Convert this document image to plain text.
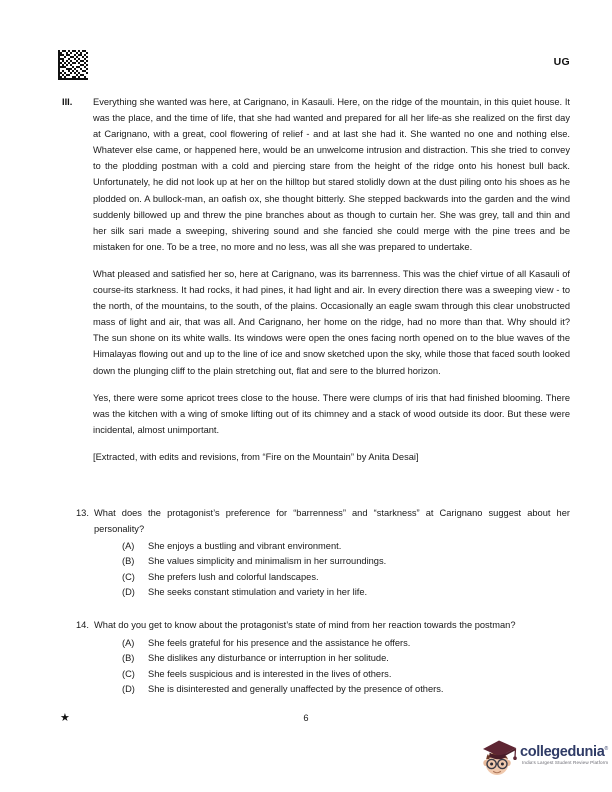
UG
III.	Everything she wanted was here, at Carignano, in Kasauli. Here, on the ridge of the mountain, in this quiet house. It was the place, and the time of life, that she had wanted and prepared for all her life-as she realized on the first day at Carignano, with a great, cool flowering of relief - and at last she had it. She wanted no one and nothing else. Whatever else came, or happened here, would be an unwelcome intrusion and distraction. This she tried to convey to the plodding postman with a cold and piercing stare from the height of the ridge onto his honest bull back. Unfortunately, he did not look up at her on the hilltop but stared stolidly down at the dust piling onto his shoes as he plodded on. A bullock-man, an oafish ox, she thought bitterly. She stepped backwards into the garden and the wind suddenly billowed up and threw the pine branches about as though to curtain her. She was grey, tall and thin and her silk sari made a sweeping, shivering sound and she fancied she could merge with the pine trees and be mistaken for one. To be a tree, no more and no less, was all she was prepared to undertake.

What pleased and satisfied her so, here at Carignano, was its barrenness. This was the chief virtue of all Kasauli of course-its starkness. It had rocks, it had pines, it had light and air. In every direction there was a sweeping view - to the north, of the mountains, to the south, of the plains. Occasionally an eagle swam through this clear unobstructed mass of light and air, that was all. And Carignano, her home on the ridge, had no more than that. Why should it? The sun shone on its white walls. Its windows were open the ones facing north opened on to the blue waves of the Himalayas flowing out and up to the line of ice and snow sketched upon the sky, while those that faced south looked down the plunging cliff to the plain stretching out, flat and sere to the blurred horizon.

Yes, there were some apricot trees close to the house. There were clumps of iris that had finished blooming. There was the kitchen with a wing of smoke lifting out of its chimney and a stack of wood outside its door. But these were incidental, almost unimportant.

[Extracted, with edits and revisions, from “Fire on the Mountain” by Anita Desai]

13. What does the protagonist’s preference for “barrenness” and “starkness” at Carignano suggest about her personality?
(A)	She enjoys a bustling and vibrant environment.
(B)	She values simplicity and minimalism in her surroundings.
(C)	She prefers lush and colorful landscapes.
(D)	She seeks constant stimulation and variety in her life.
14. What do you get to know about the protagonist’s state of mind from her reaction towards the postman?
(A)	She feels grateful for his presence and the assistance he offers.
(B)	She dislikes any disturbance or interruption in her solitude.
(C)	She feels suspicious and is interested in the lives of others.
(D)	She is disinterested and generally unaffected by the presence of others.
★	6
collegedunia®
India's Largest Student Review Platform
